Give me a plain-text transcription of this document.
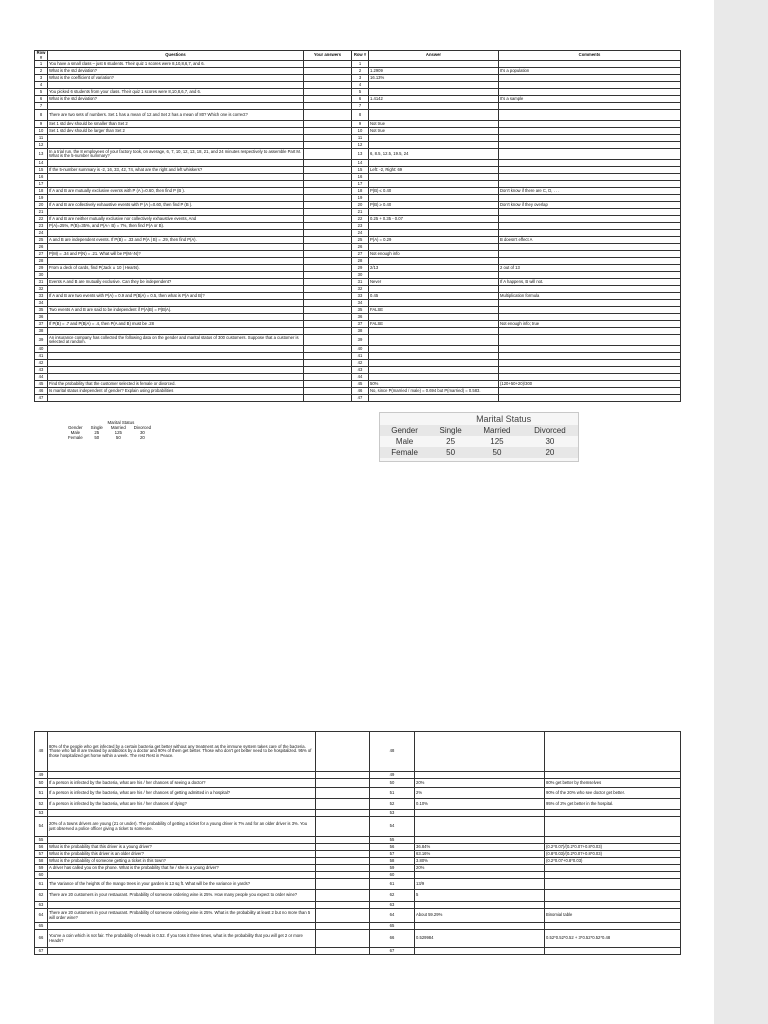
Row #	Questions	Your answers	Row #	Answer	Comments
1	You have a small class – just 6 students. Their quiz 1 scores were 8,10,8,6,7, and 6.		1		
2	What is the std deviation?		2	1.2909	It's a population
3	What is the coefficient of variation?		3	16.13%	
4			4		
5	You picked 6 students from your class. Their quiz 1 scores were 8,10,8,6,7, and 6.		5		
6	What is the std deviation?		6	1.4142	It's a sample
7			7		
8	There are two sets of numbers. Set 1 has a mean of 12 and Set 2 has a mean of 80? Which one is correct?		8		
9	Set 1 std dev should be smaller than Set 2		9	Not true	
10	Set 1 std dev should be larger than Set 2		10	Not true	
11			11		
12			12		
13	In a trial run, the 8 employees of your factory took, on average, 6, 7, 10, 12, 13, 18, 21, and 24 minutes respectively to assemble Part M. What is the 5-number summary?		13	6, 8.5, 12.5, 19.5, 24	
14			14		
15	If the 5-number summary is -2, 16, 33, 42, 74, what are the right and left whiskers?		15	Left: -2, Right: 69	
16			16		
17			17		
18	If A and B are mutually exclusive events with P (A )=0.60, then find P (B ).		18	P(B) ≤ 0.40	Don't know if there are C, D, . . .
19			19		
20	If A and B are collectively exhaustive events with P (A )=0.60, then find P (B ).		20	P(B) ≥ 0.40	Don't know if they overlap
21			21		
22	If A and B are neither mutually exclusive nor collectively exhaustive events, And		22	0.25 + 0.35 - 0.07	
23	P(A)=25%, P(B)=35%, and P(A∩ B) = 7%, then find P(A or B).		23		
24			24		
25	A and B are independent events. If P(B) = .33 and P(A | B) = .29, then find P(A).		25	P(A) = 0.29	B doesn't effect A
26			26		
27	P(M) = .34 and P(N) = .21. What will be P(M∩N)?		27	Not enough info	
28			28		
29	From a deck of cards, find P(Jack ∪ 10 | Hearts).		29	2/13	2 out of 13
30			30		
31	Events A and B are mutually exclusive. Can they be independent?		31	Never	If A happens, B will not.
32			32		
33	If A and B are two events with P(A) = 0.9 and P(B|A) = 0.5, then what is P(A and B)?		33	0.45	Multiplication formula
34			34		
35	Two events A and B are said to be independent if P(A|B) = P(B|A).		35	FALSE	
36			36		
37	If P(B) = .7 and P(B|A) = .4, then P(A and B) must be .28		37	FALSE	Not enough info; true
38			38		
39	An insurance company has collected the following data on the gender and marital status of 300 customers. Suppose that a customer is selected at random.		39		
40			40		
41			41		
42			42		
43			43		
44			44		
45	Find the probability that the customer selected is female or divorced.		45	50%	(120+50+20)/300
46	Is marital status independent of gender? Explain using probabilities		46	No, since P(married / male) = 0.694 but P(married) = 0.583.	
47			47		
	Marital Status		
Gender	Single	Married	Divorced
Male	25	125	30
Female	50	50	20
	Marital Status		
Gender	Single	Married	Divorced
Male	25	125	30
Female	50	50	20
48	80% of the people who get infected by a certain bacteria get better without any treatment as the immune system takes care of the bacteria. Those who fall ill are treated by antibiotics by a doctor and 90% of them get better. Those who don't get better need to be hospitalized. 95% of those hospitalized get home within a week. The rest Rest in Peace.		48		
49			49		
50	If a person is infected by the bacteria, what are his / her chances of seeing a doctor?		50	20%	80% get better by themselves
51	If a person is infected by the bacteria, what are his / her chances of getting admitted in a hospital?		51	2%	90% of the 20% who see doctor get better.
52	If a person is infected by the bacteria, what are his / her chances of dying?		52	0.10%	95% of 2% get better in the hospital.
53			53		
54	20% of a towns drivers are young (21 or under). The probability of getting a ticket for a young driver is 7% and for an older driver is 3%. You just observed a police officer giving a ticket to someone.		54		
55			55		
56	What is the probability that this driver is a young driver?		56	36.84%	(0.2*0.07)/(0.2*0.07+0.8*0.03)
57	What is the probability this driver is an older driver?		57	63.16%	(0.8*0.03)/(0.2*0.07+0.8*0.03)
58	What is the probability of someone getting a ticket in this town?		58	3.80%	(0.2*0.07+0.8*0.03)
59	A driver has called you on the phone. What is the probability that he / she is a young driver?		59	20%	
60			60		
61	The Variance of the heights of the mango trees in your garden is 13 sq ft. What will be the variance in yards?		61	13/9	
62	There are 20 customers in your restaurant. Probability of someone ordering wine is 25%. How many people you expect to order wine?		62	5	
63			63		
64	There are 20 customers in your restaurant. Probability of someone ordering wine is 25%. What is the probability at least 2 but no more than 5 will order wine?		64	About 59.29%	Binomial table
65			65		
66	You've a coin which is not fair. The probability of Heads is 0.52. If you toss it three times, what is the probability that you will get 2 or more Heads?		66	0.529984	0.52*0.52*0.52 + 3*0.52*0.52*0.48
67			67		
